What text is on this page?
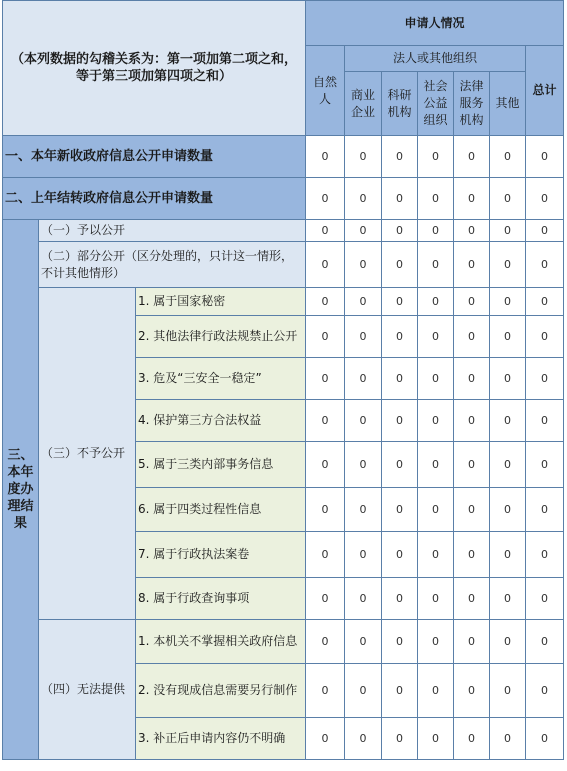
（本列数据的勾稽关系为：第一项加第二项之和，等于第三项加第四项之和）			申请人情况						
			自然人	法人或其他组织					总计
				商业企业	科研机构	社会公益组织	法律服务机构	其他	
一、本年新收政府信息公开申请数量			0	0	0	0	0	0	0
二、上年结转政府信息公开申请数量			0	0	0	0	0	0	0
三、本年度办理结果	（一）予以公开		0	0	0	0	0	0	0
	（二）部分公开（区分处理的，只计这一情形，不计其他情形）		0	0	0	0	0	0	0
	（三）不予公开	1. 属于国家秘密	0	0	0	0	0	0	0
		2. 其他法律行政法规禁止公开	0	0	0	0	0	0	0
		3. 危及“三安全一稳定”	0	0	0	0	0	0	0
		4. 保护第三方合法权益	0	0	0	0	0	0	0
		5. 属于三类内部事务信息	0	0	0	0	0	0	0
		6. 属于四类过程性信息	0	0	0	0	0	0	0
		7. 属于行政执法案卷	0	0	0	0	0	0	0
		8. 属于行政查询事项	0	0	0	0	0	0	0
	（四）无法提供	1. 本机关不掌握相关政府信息	0	0	0	0	0	0	0
		2. 没有现成信息需要另行制作	0	0	0	0	0	0	0
		3. 补正后申请内容仍不明确	0	0	0	0	0	0	0
